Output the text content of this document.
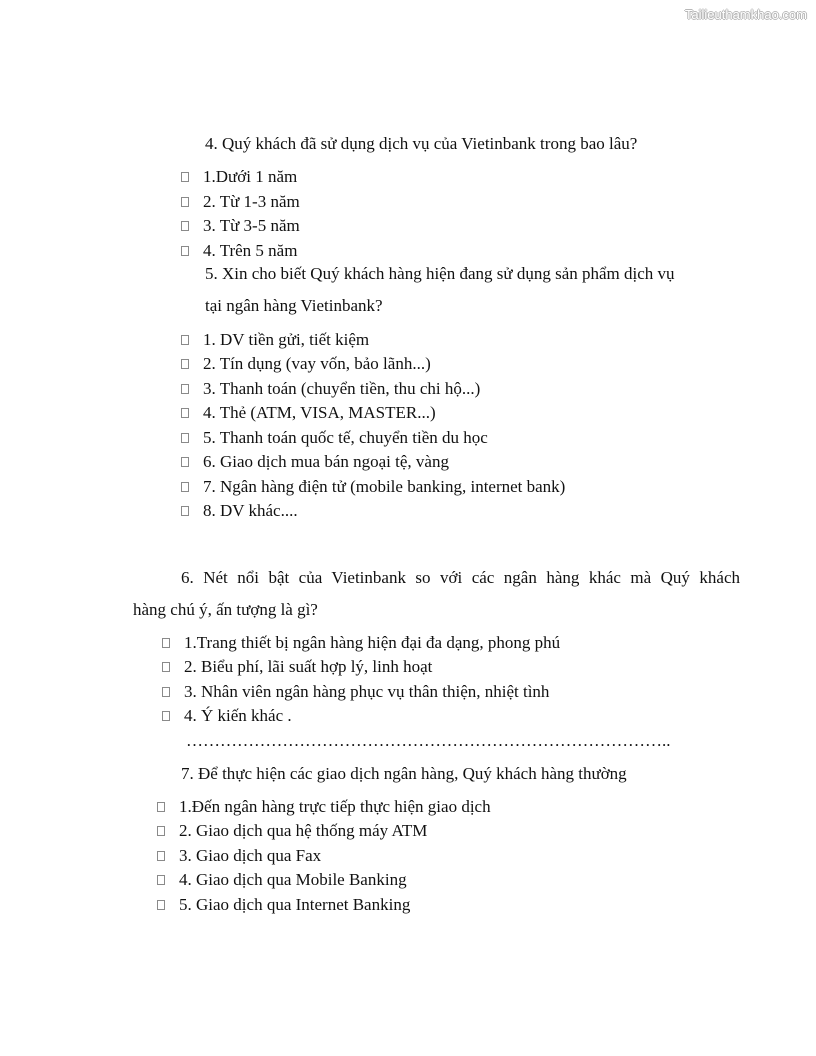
Tailieuthamkhao.com
4. Quý khách đã sử dụng dịch vụ của Vietinbank trong bao lâu?
1.Dưới 1 năm
2. Từ 1-3 năm
3. Từ 3-5 năm
4. Trên 5 năm
5. Xin cho biết Quý khách hàng hiện đang sử dụng sản phẩm dịch vụ
tại ngân hàng Vietinbank?
1. DV tiền gửi, tiết kiệm
2. Tín dụng (vay vốn, bảo lãnh...)
3. Thanh toán (chuyển tiền, thu chi hộ...)
4. Thẻ (ATM, VISA, MASTER...)
5. Thanh toán quốc tế, chuyển tiền du học
6. Giao dịch mua bán ngoại tệ, vàng
7. Ngân hàng điện tử (mobile banking, internet bank)
8. DV khác....
6. Nét nổi bật của Vietinbank so với các ngân hàng khác mà Quý khách
hàng chú ý, ấn tượng là gì?
1.Trang thiết bị ngân hàng hiện đại đa dạng, phong phú
2. Biểu phí, lãi suất hợp lý, linh hoạt
3. Nhân viên ngân hàng phục vụ thân thiện, nhiệt tình
4. Ý kiến khác .
…………………………………………………………………………..
7. Để thực hiện các giao dịch ngân hàng, Quý khách hàng thường
1.Đến ngân hàng trực tiếp thực hiện giao dịch
2. Giao dịch qua hệ thống máy ATM
3. Giao dịch qua Fax
4. Giao dịch qua Mobile Banking
5. Giao dịch qua Internet Banking
